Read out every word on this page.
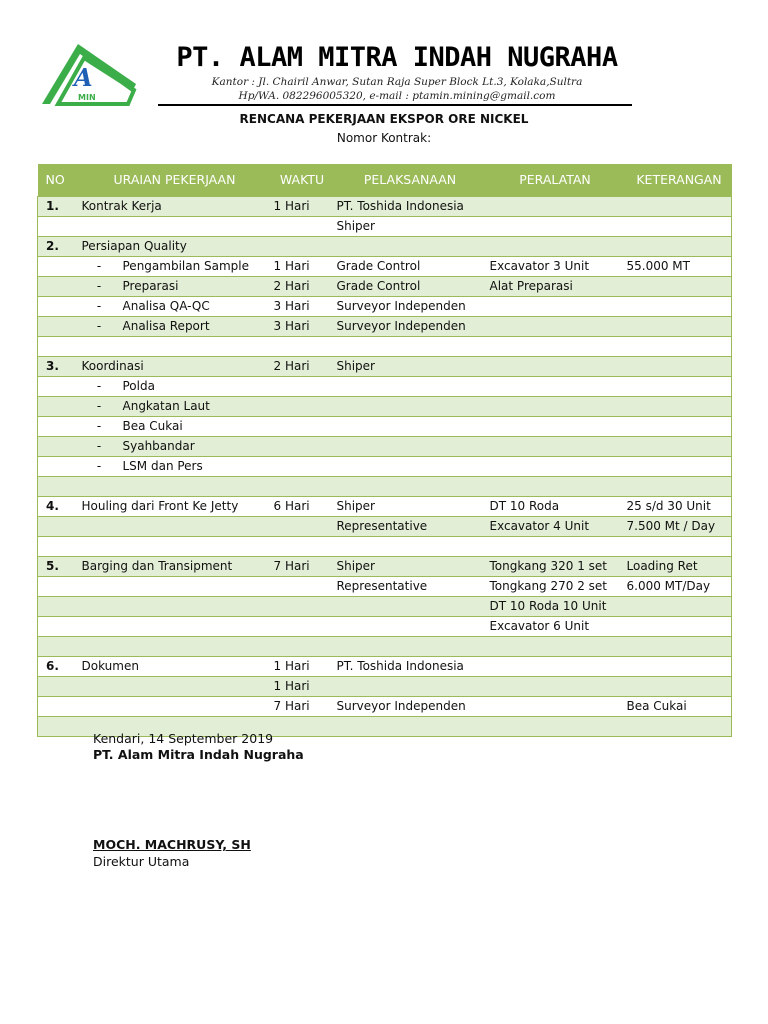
A
MIN
PT. ALAM MITRA INDAH NUGRAHA
Kantor : Jl. Chairil Anwar, Sutan Raja Super Block Lt.3, Kolaka,Sultra
Hp/WA. 082296005320, e-mail : ptamin.mining@gmail.com
RENCANA PEKERJAAN EKSPOR ORE NICKEL
Nomor Kontrak:
NO	URAIAN PEKERJAAN	WAKTU	PELAKSANAAN	PERALATAN	KETERANGAN
1.	Kontrak Kerja	1 Hari	PT. Toshida Indonesia		
			Shiper		
2.	Persiapan Quality				
	- Pengambilan Sample	1 Hari	Grade Control	Excavator 3 Unit	55.000 MT
	- Preparasi	2 Hari	Grade Control	Alat Preparasi	
	- Analisa QA-QC	3 Hari	Surveyor Independen		
	- Analisa Report	3 Hari	Surveyor Independen		

3.	Koordinasi	2 Hari	Shiper		
	- Polda				
	- Angkatan Laut				
	- Bea Cukai				
	- Syahbandar				
	- LSM dan Pers				

4.	Houling dari Front Ke Jetty	6 Hari	Shiper	DT 10 Roda	25 s/d 30 Unit
			Representative	Excavator 4 Unit	7.500 Mt / Day

5.	Barging dan Transipment	7 Hari	Shiper	Tongkang 320 1 set	Loading Ret
			Representative	Tongkang 270 2 set	6.000 MT/Day
				DT 10 Roda 10 Unit	
				Excavator 6 Unit	

6.	Dokumen	1 Hari	PT. Toshida Indonesia		
		1 Hari			
		7 Hari	Surveyor Independen		Bea Cukai

Kendari, 14 September 2019
PT. Alam Mitra Indah Nugraha
MOCH. MACHRUSY, SH
Direktur Utama
